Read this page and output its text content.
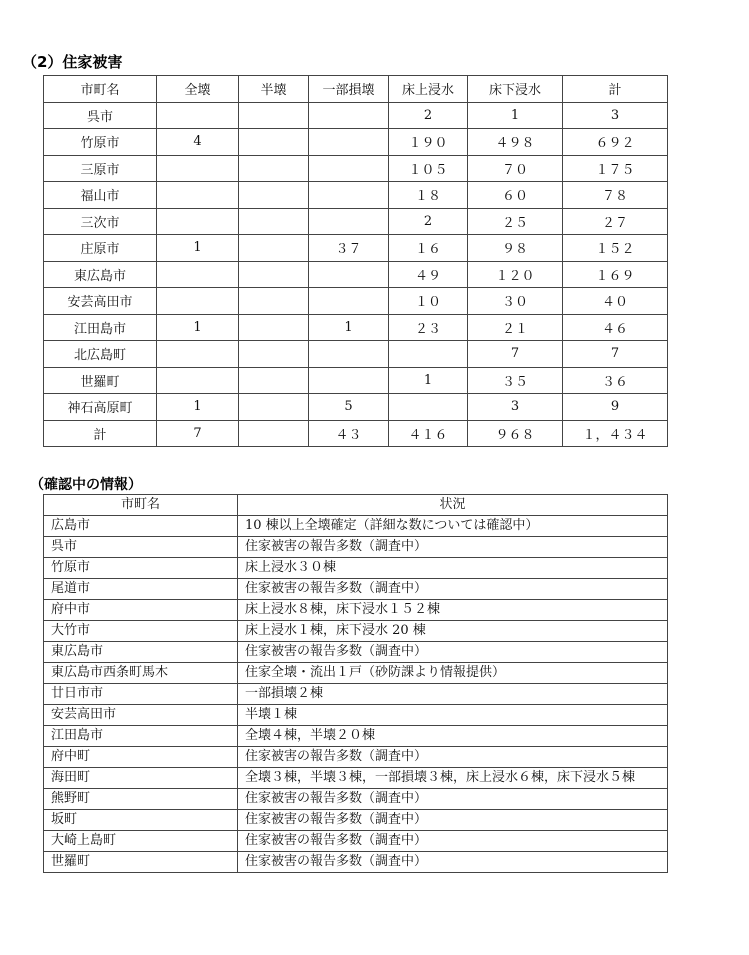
（2）住家被害
市町名	全壊	半壊	一部損壊	床上浸水	床下浸水	計
呉市				2	1	3
竹原市	4			１９０	４９８	６９２
三原市				１０５	７０	１７５
福山市				１８	６０	７８
三次市				2	２５	２７
庄原市	1		３７	１６	９８	１５２
東広島市				４９	１２０	１６９
安芸高田市				１０	３０	４０
江田島市	1		1	２３	２１	４６
北広島町					7	7
世羅町				1	３５	３６
神石高原町	1		5		3	9
計	7		４３	４１６	９６８	１，４３４
（確認中の情報）
市町名	状況
広島市	10 棟以上全壊確定（詳細な数については確認中）
呉市	住家被害の報告多数（調査中）
竹原市	床上浸水３０棟
尾道市	住家被害の報告多数（調査中）
府中市	床上浸水８棟，床下浸水１５２棟
大竹市	床上浸水１棟，床下浸水 20 棟
東広島市	住家被害の報告多数（調査中）
東広島市西条町馬木	住家全壊・流出１戸（砂防課より情報提供）
廿日市市	一部損壊２棟
安芸高田市	半壊１棟
江田島市	全壊４棟，半壊２０棟
府中町	住家被害の報告多数（調査中）
海田町	全壊３棟，半壊３棟，一部損壊３棟，床上浸水６棟，床下浸水５棟
熊野町	住家被害の報告多数（調査中）
坂町	住家被害の報告多数（調査中）
大崎上島町	住家被害の報告多数（調査中）
世羅町	住家被害の報告多数（調査中）
